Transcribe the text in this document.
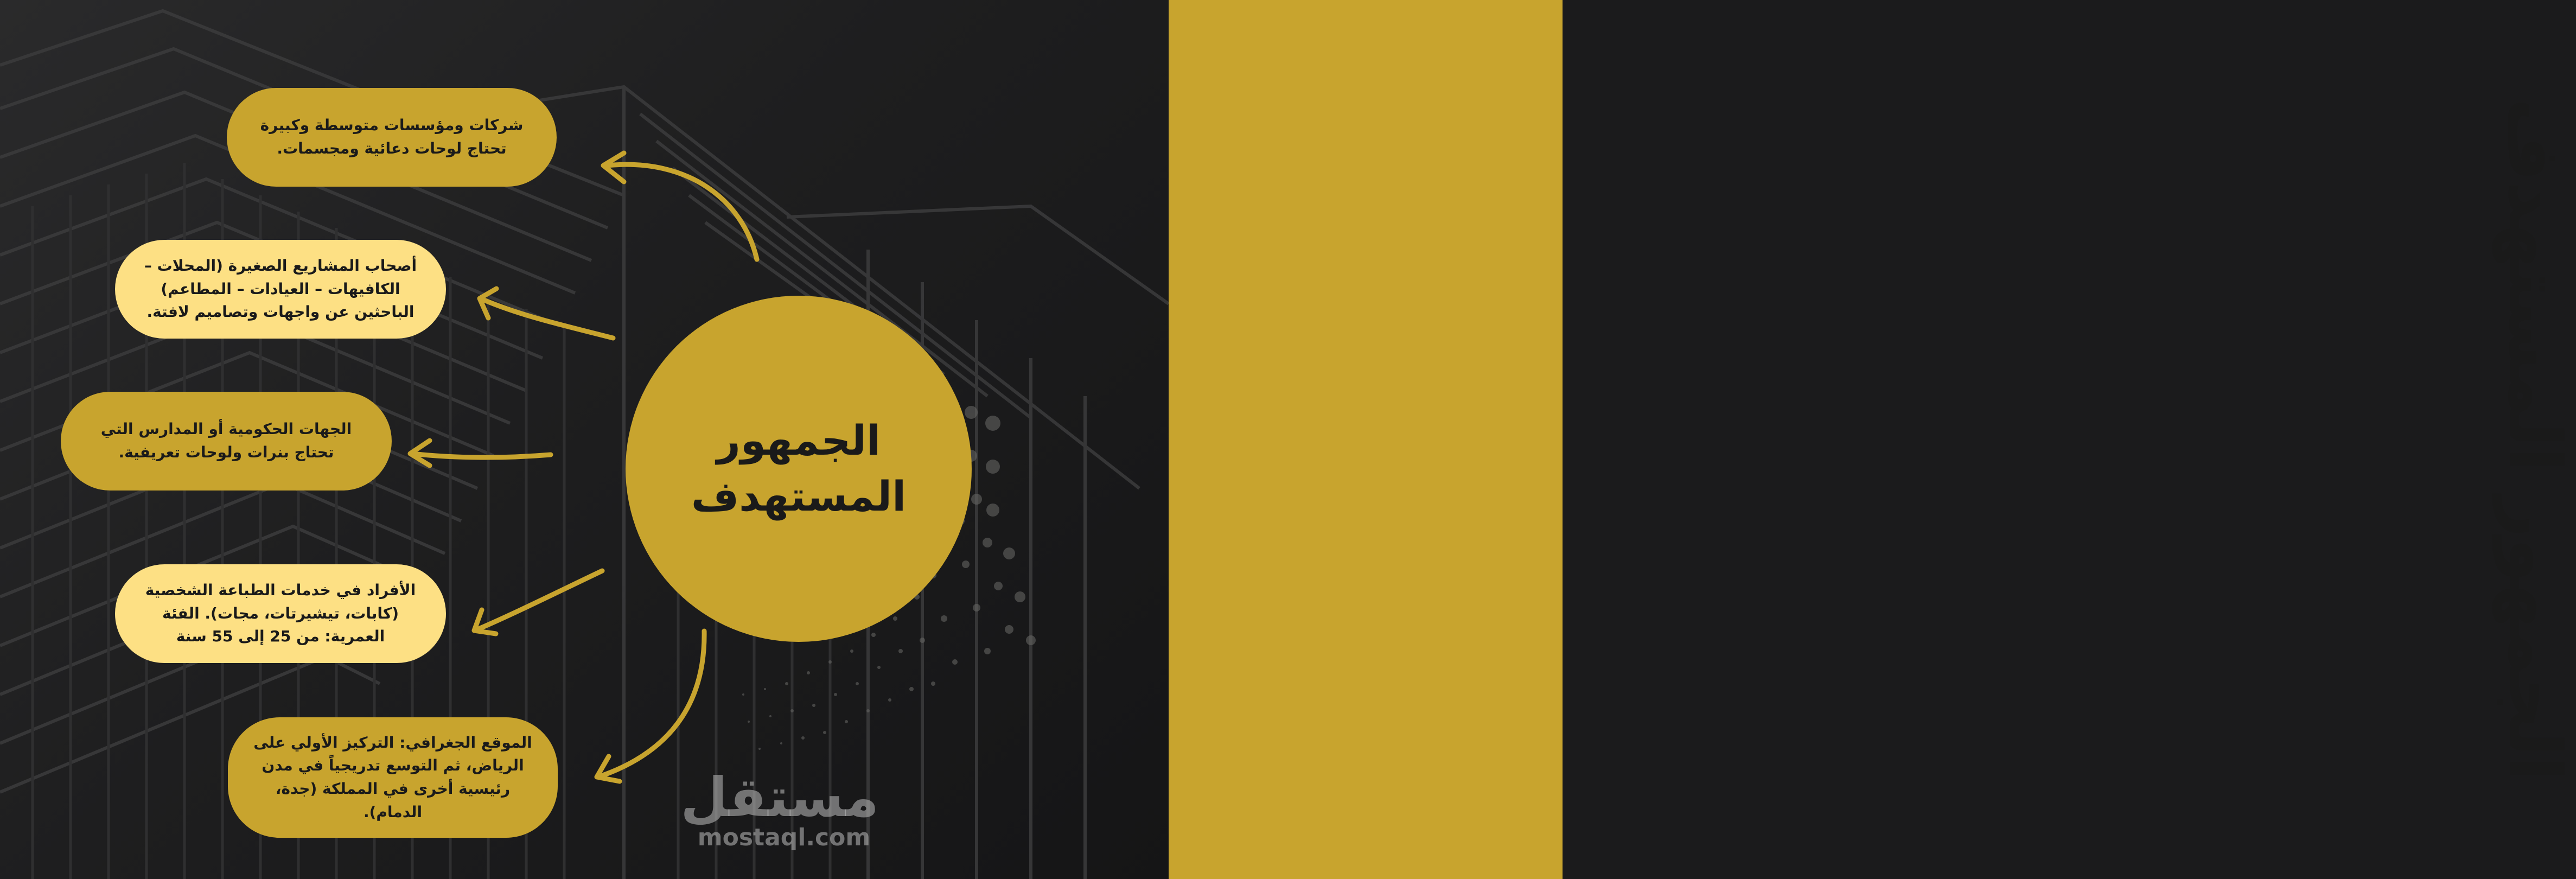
الجمهور المستهدف
الجمهور المستهدف

شركات ومؤسسات متوسطة وكبيرة تحتاج لوحات دعائية ومجسمات.

أصحاب المشاريع الصغيرة (المحلات – الكافيهات – العيادات – المطاعم) الباحثين عن واجهات وتصاميم لافتة.

الجهات الحكومية أو المدارس التي تحتاج بنرات ولوحات تعريفية.

الأفراد في خدمات الطباعة الشخصية (كابات، تيشيرتات، مجات). الفئة العمرية: من 25 إلى 55 سنة

الموقع الجغرافي: التركيز الأولي على الرياض، ثم التوسع تدريجياً في مدن رئيسية أخرى في المملكة (جدة، الدمام).	مستقل
mostaql.com
